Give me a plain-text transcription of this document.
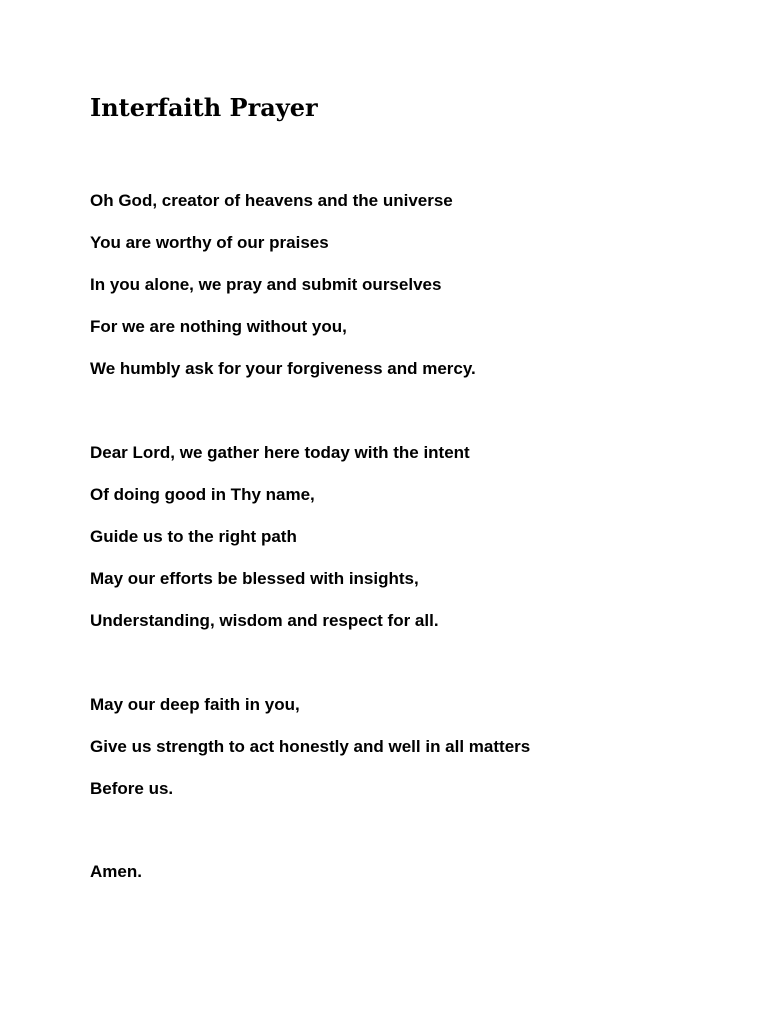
Interfaith Prayer

Oh God, creator of heavens and the universe

You are worthy of our praises

In you alone, we pray and submit ourselves

For we are nothing without you,

We humbly ask for your forgiveness and mercy.

Dear Lord, we gather here today with the intent

Of doing good in Thy name,

Guide us to the right path

May our efforts be blessed with insights,

Understanding, wisdom and respect for all.

May our deep faith in you,

Give us strength to act honestly and well in all matters

Before us.

Amen.
